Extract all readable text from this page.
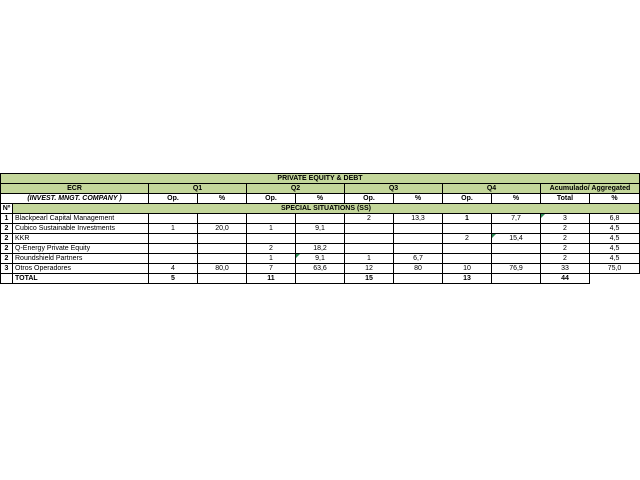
PRIVATE EQUITY & DEBT											
ECR		Q1		Q2		Q3		Q4		Acumulado/ Aggregated	
(INVEST. MNGT. COMPANY )		Op.	%	Op.	%	Op.	%	Op.	%	Total	%
Nº	SPECIAL SITUATIONS (SS)										
1	Blackpearl Capital Management					2	13,3	1	7,7	3	6,8
2	Cubico Sustainable Investments	1	20,0	1	9,1					2	4,5
2	KKR							2	15,4	2	4,5
2	Q-Energy Private Equity			2	18,2					2	4,5
2	Roundshield Partners			1	9,1	1	6,7			2	4,5
3	Otros Operadores	4	80,0	7	63,6	12	80	10	76,9	33	75,0
	TOTAL	5		11		15		13		44	
